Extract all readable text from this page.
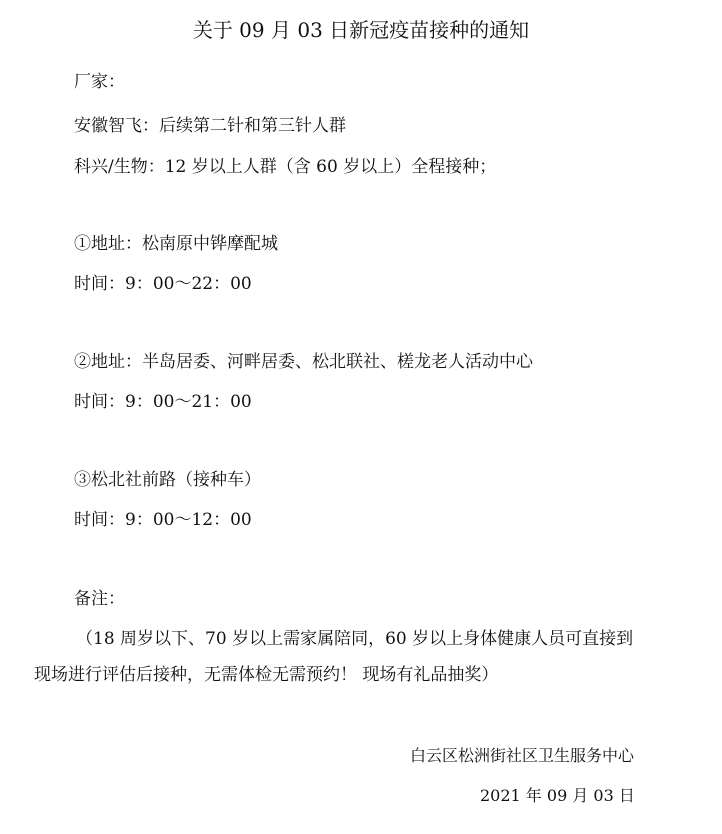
关于 09 月 03 日新冠疫苗接种的通知
厂家：
安徽智飞：后续第二针和第三针人群
科兴/生物：12 岁以上人群（含 60 岁以上）全程接种；
①地址：松南原中铧摩配城
时间：9：00～22：00
②地址：半岛居委、河畔居委、松北联社、槎龙老人活动中心
时间：9：00～21：00
③松北社前路（接种车）
时间：9：00～12：00
备注：
（18 周岁以下、70 岁以上需家属陪同，60 岁以上身体健康人员可直接到
现场进行评估后接种，无需体检无需预约！ 现场有礼品抽奖）
白云区松洲街社区卫生服务中心
2021 年 09 月 03 日
